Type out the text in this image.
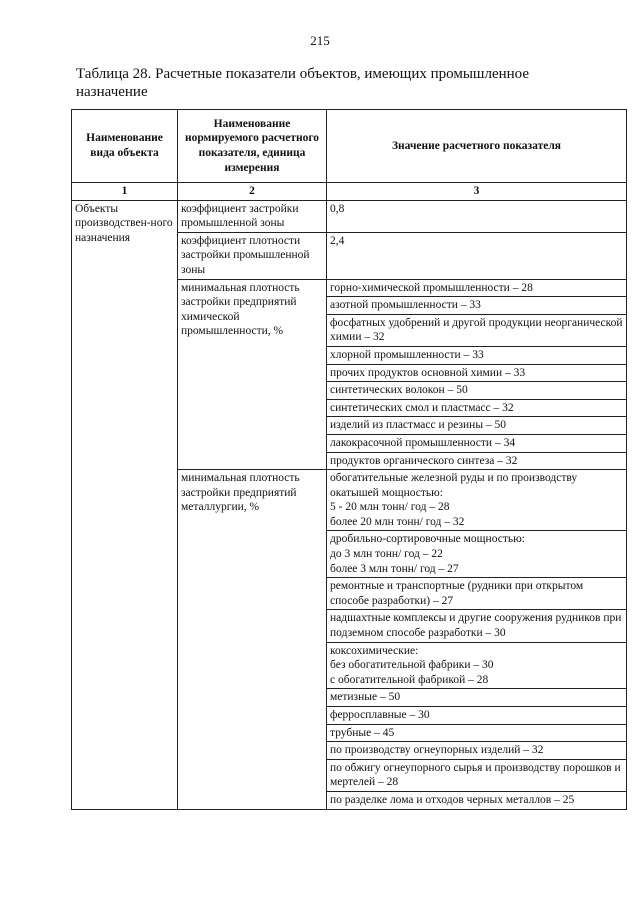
215
Таблица 28. Расчетные показатели объектов, имеющих промышленное назначение
Наименование вида объекта	Наименование нормируемого расчетного показателя, единица измерения	Значение расчетного показателя
1	2	3
Объекты производствен-ного назначения	коэффициент застройки промышленной зоны	0,8
	коэффициент плотности застройки промышленной зоны	2,4
	минимальная плотность застройки предприятий химической промышленности, %	горно-химической промышленности – 28
		азотной промышленности – 33
		фосфатных удобрений и другой продукции неорганической химии – 32
		хлорной промышленности – 33
		прочих продуктов основной химии – 33
		синтетических волокон – 50
		синтетических смол и пластмасс – 32
		изделий из пластмасс и резины – 50
		лакокрасочной промышленности – 34
		продуктов органического синтеза – 32
	минимальная плотность застройки предприятий металлургии, %	обогатительные железной руды и по производству окатышей мощностью:
5 - 20 млн тонн/ год – 28
более 20 млн тонн/ год – 32
		дробильно-сортировочные мощностью:
до 3 млн тонн/ год – 22
более 3 млн тонн/ год – 27
		ремонтные и транспортные (рудники при открытом способе разработки) – 27
		надшахтные комплексы и другие сооружения рудников при подземном способе разработки – 30
		коксохимические:
без обогатительной фабрики – 30
с обогатительной фабрикой – 28
		метизные – 50
		ферросплавные – 30
		трубные – 45
		по производству огнеупорных изделий – 32
		по обжигу огнеупорного сырья и производству порошков и мертелей – 28
		по разделке лома и отходов черных металлов – 25
